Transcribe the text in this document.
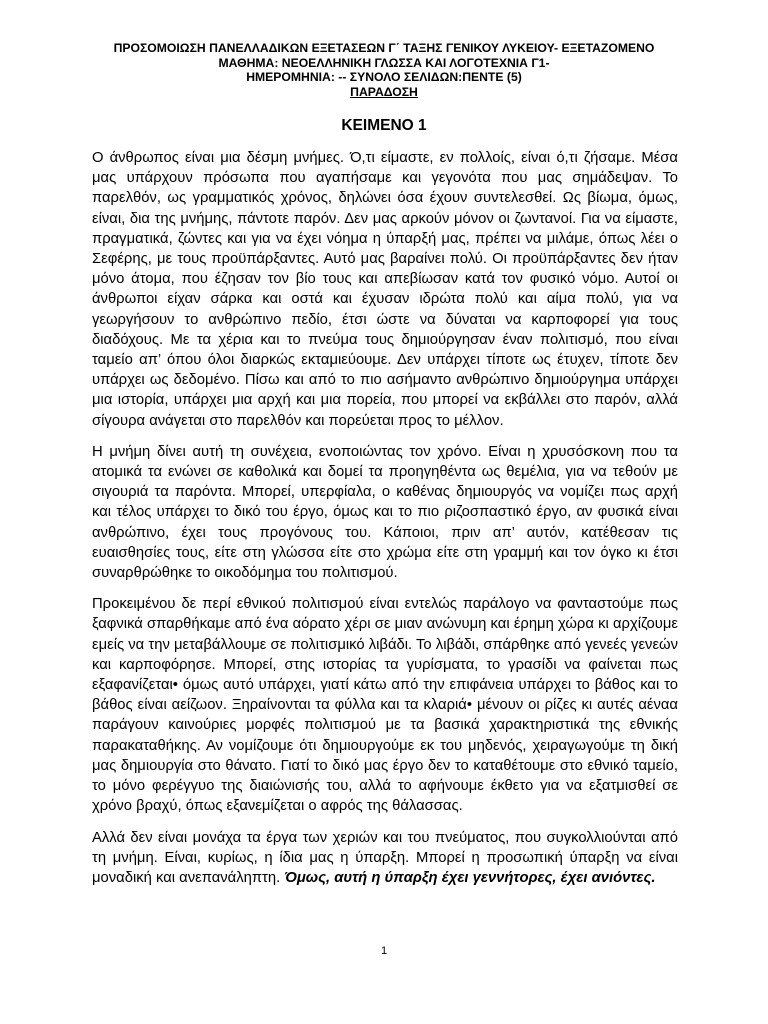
ΠΡΟΣΟΜΟΙΩΣΗ ΠΑΝΕΛΛΑΔΙΚΩΝ ΕΞΕΤΑΣΕΩΝ Γ΄ ΤΑΞΗΣ ΓΕΝΙΚΟΥ ΛΥΚΕΙΟΥ- ΕΞΕΤΑΖΟΜΕΝΟ
ΜΑΘΗΜΑ: ΝΕΟΕΛΛΗΝΙΚΗ ΓΛΩΣΣΑ ΚΑΙ ΛΟΓΟΤΕΧΝΙΑ Γ1-
ΗΜΕΡΟΜΗΝΙΑ: -- ΣΥΝΟΛΟ ΣΕΛΙΔΩΝ:ΠΕΝΤΕ (5)
ΠΑΡΑΔΟΣΗ
ΚΕΙΜΕΝΟ 1

Ο άνθρωπος είναι μια δέσμη μνήμες. Ό,τι είμαστε, εν πολλοίς, είναι ό,τι ζήσαμε. Μέσα μας υπάρχουν πρόσωπα που αγαπήσαμε και γεγονότα που μας σημάδεψαν. Το παρελθόν, ως γραμματικός χρόνος, δηλώνει όσα έχουν συντελεσθεί. Ως βίωμα, όμως, είναι, δια της μνήμης, πάντοτε παρόν. Δεν μας αρκούν μόνον οι ζωντανοί. Για να είμαστε, πραγματικά, ζώντες και για να έχει νόημα η ύπαρξή μας, πρέπει να μιλάμε, όπως λέει ο Σεφέρης, με τους προϋπάρξαντες. Αυτό μας βαραίνει πολύ. Οι προϋπάρξαντες δεν ήταν μόνο άτομα, που έζησαν τον βίο τους και απεβίωσαν κατά τον φυσικό νόμο. Αυτοί οι άνθρωποι είχαν σάρκα και οστά και έχυσαν ιδρώτα πολύ και αίμα πολύ, για να γεωργήσουν το ανθρώπινο πεδίο, έτσι ώστε να δύναται να καρποφορεί για τους διαδόχους. Με τα χέρια και το πνεύμα τους δημιούργησαν έναν πολιτισμό, που είναι ταμείο απ’ όπου όλοι διαρκώς εκταμιεύουμε. Δεν υπάρχει τίποτε ως έτυχεν, τίποτε δεν υπάρχει ως δεδομένο. Πίσω και από το πιο ασήμαντο ανθρώπινο δημιούργημα υπάρχει μια ιστορία, υπάρχει μια αρχή και μια πορεία, που μπορεί να εκβάλλει στο παρόν, αλλά σίγουρα ανάγεται στο παρελθόν και πορεύεται προς το μέλλον.

Η μνήμη δίνει αυτή τη συνέχεια, ενοποιώντας τον χρόνο. Είναι η χρυσόσκονη που τα ατομικά τα ενώνει σε καθολικά και δομεί τα προηγηθέντα ως θεμέλια, για να τεθούν με σιγουριά τα παρόντα. Μπορεί, υπερφίαλα, ο καθένας δημιουργός να νομίζει πως αρχή και τέλος υπάρχει το δικό του έργο, όμως και το πιο ριζοσπαστικό έργο, αν φυσικά είναι ανθρώπινο, έχει τους προγόνους του. Κάποιοι, πριν απ’ αυτόν, κατέθεσαν τις ευαισθησίες τους, είτε στη γλώσσα είτε στο χρώμα είτε στη γραμμή και τον όγκο κι έτσι συναρθρώθηκε το οικοδόμημα του πολιτισμού.

Προκειμένου δε περί εθνικού πολιτισμού είναι εντελώς παράλογο να φανταστούμε πως ξαφνικά σπαρθήκαμε από ένα αόρατο χέρι σε μιαν ανώνυμη και έρημη χώρα κι αρχίζουμε εμείς να την μεταβάλλουμε σε πολιτισμικό λιβάδι. Το λιβάδι, σπάρθηκε από γενεές γενεών και καρποφόρησε. Μπορεί, στης ιστορίας τα γυρίσματα, το γρασίδι να φαίνεται πως εξαφανίζεται• όμως αυτό υπάρχει, γιατί κάτω από την επιφάνεια υπάρχει το βάθος και το βάθος είναι αείζωον. Ξηραίνονται τα φύλλα και τα κλαριά• μένουν οι ρίζες κι αυτές αέναα παράγουν καινούριες μορφές πολιτισμού με τα βασικά χαρακτηριστικά της εθνικής παρακαταθήκης. Αν νομίζουμε ότι δημιουργούμε εκ του μηδενός, χειραγωγούμε τη δική μας δημιουργία στο θάνατο. Γιατί το δικό μας έργο δεν το καταθέτουμε στο εθνικό ταμείο, το μόνο φερέγγυο της διαιώνισής του, αλλά το αφήνουμε έκθετο για να εξατμισθεί σε χρόνο βραχύ, όπως εξανεμίζεται ο αφρός της θάλασσας.

Αλλά δεν είναι μονάχα τα έργα των χεριών και του πνεύματος, που συγκολλιούνται από τη μνήμη. Είναι, κυρίως, η ίδια μας η ύπαρξη. Μπορεί η προσωπική ύπαρξη να είναι μοναδική και ανεπανάληπτη. Όμως, αυτή η ύπαρξη έχει γεννήτορες, έχει ανιόντες.

1
